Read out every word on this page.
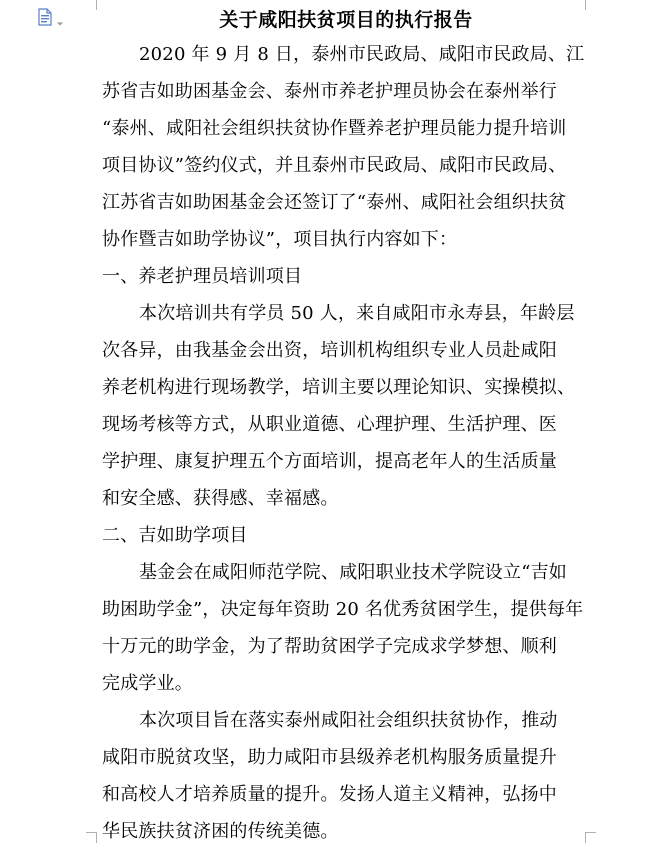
关于咸阳扶贫项目的执行报告

2020 年 9 月 8 日，泰州市民政局、咸阳市民政局、江
苏省吉如助困基金会、泰州市养老护理员协会在泰州举行
“泰州、咸阳社会组织扶贫协作暨养老护理员能力提升培训
项目协议”签约仪式，并且泰州市民政局、咸阳市民政局、
江苏省吉如助困基金会还签订了“泰州、咸阳社会组织扶贫
协作暨吉如助学协议”，项目执行内容如下：

一、养老护理员培训项目

本次培训共有学员 50 人，来自咸阳市永寿县，年龄层
次各异，由我基金会出资，培训机构组织专业人员赴咸阳
养老机构进行现场教学，培训主要以理论知识、实操模拟、
现场考核等方式，从职业道德、心理护理、生活护理、医
学护理、康复护理五个方面培训，提高老年人的生活质量
和安全感、获得感、幸福感。

二、吉如助学项目

基金会在咸阳师范学院、咸阳职业技术学院设立“吉如
助困助学金”，决定每年资助 20 名优秀贫困学生，提供每年
十万元的助学金，为了帮助贫困学子完成求学梦想、顺利
完成学业。

本次项目旨在落实泰州咸阳社会组织扶贫协作，推动
咸阳市脱贫攻坚，助力咸阳市县级养老机构服务质量提升
和高校人才培养质量的提升。发扬人道主义精神，弘扬中
华民族扶贫济困的传统美德。
